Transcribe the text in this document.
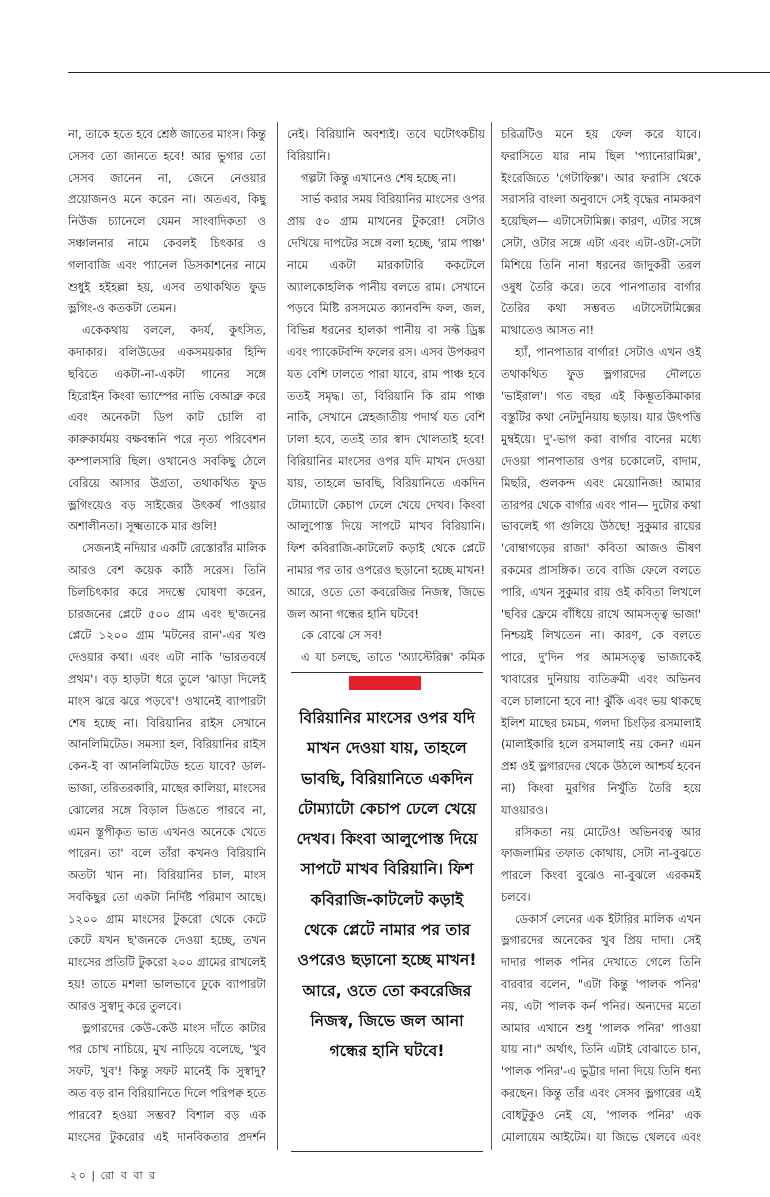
না, তাকে হতে হবে শ্রেষ্ঠ জাতের মাংস। কিন্তু সেসব তো জানতে হবে! আর ভুগার তো সেসব জানেন না, জেনে নেওয়ার প্রয়োজনও মনে করেন না। অতএব, কিছু নিউজ চ্যানেলে যেমন সাংবাদিকতা ও সঞ্চালনার নামে কেবলই চিৎকার ও গলাবাজি এবং প্যানেল ডিসকাশনের নামে শুধুই হইহল্লা হয়, এসব তথাকথিত ফুড ভ্লগিং-ও কতকটা তেমন।

একেকথায় বললে, কদর্য, কুৎসিত, কদাকার। বলিউডের একসময়কার হিন্দি ছবিতে একটা-না-একটা গানের সঙ্গে হিরোইন কিংবা ভ্যাম্পের নাভি বেআব্রু করে এবং অনেকটা ডিপ কাট চোলি বা কারুকার্যময় বক্ষবন্ধনি পরে নৃত্য পরিবেশন কম্পালসারি ছিল। ওখানেও সবকিছু ঠেলে বেরিয়ে আসার উগ্রতা, তথাকথিত ফুড ভ্লগিংয়েও বড় সাইজের উৎকর্ষ পাওয়ার অশালীনতা। সূক্ষ্মতাকে মার গুলি!

সেজন্যই নদিয়ার একটি রেস্তোরাঁর মালিক আরও বেশ কয়েক কাঠি সরেস। তিনি চিলচিৎকার করে সদম্ভে ঘোষণা করেন, চারজনের প্লেটে ৫০০ গ্রাম এবং ছ'জনের প্লেটে ১২০০ গ্রাম 'মটনের রান'-এর খণ্ড দেওয়ার কথা। এবং এটা নাকি 'ভারতবর্ষে প্রথম'। বড় হাড়টা ধরে তুলে 'ঝাড়া দিলেই মাংস ঝরে ঝরে পড়বে'! ওখানেই ব্যাপারটা শেষ হচ্ছে না। বিরিয়ানির রাইস সেখানে আনলিমিটেড। সমস্যা হল, বিরিয়ানির রাইস কেন-ই বা আনলিমিটেড হতে যাবে? ডাল-ভাজা, তরিতরকারি, মাছের কালিয়া, মাংসের ঝোলের সঙ্গে বিড়াল ডিঙতে পারবে না, এমন স্তূপীকৃত ভাত এখনও অনেকে খেতে পারেন। তা' বলে তাঁরা কখনও বিরিয়ানি অতটা খান না। বিরিয়ানির চাল, মাংস সবকিছুর তো একটা নির্দিষ্ট পরিমাণ আছে। ১২০০ গ্রাম মাংসের টুকরো থেকে কেটে কেটে যখন ছ'জনকে দেওয়া হচ্ছে, তখন মাংসের প্রতিটি টুকরো ২০০ গ্রামের রাখলেই হয়! তাতে মশলা ভালভাবে ঢুকে ব্যাপারটা আরও সুস্বাদু করে তুলবে।

ভ্লগারদের কেউ-কেউ মাংস দাঁতে কাটার পর চোখ নাচিয়ে, মুখ নাড়িয়ে বলেছে, 'খুব সফট, খুব'! কিন্তু সফট মানেই কি সুস্বাদু? অত বড় রান বিরিয়ানিতে দিলে পরিপক্ব হতে পারবে? হওয়া সম্ভব? বিশাল বড় এক মাংসের টুকরোর এই দানবিকতার প্রদর্শন

নেই। বিরিয়ানি অবশ্যই। তবে ঘটোৎকচীয় বিরিয়ানি।

গল্পটা কিন্তু এখানেও শেষ হচ্ছে না।

সার্ভ করার সময় বিরিয়ানির মাংসের ওপর প্রায় ৫০ গ্রাম মাখনের টুকরো! সেটাও দেখিয়ে দাপটের সঙ্গে বলা হচ্ছে, 'রাম পাঞ্চ' নামে একটা মারকাটারি ককটেলে অ্যালকোহলিক পানীয় বলতে রাম। সেখানে পড়বে মিষ্টি রসসমেত ক্যানবন্দি ফল, জল, বিভিন্ন ধরনের হালকা পানীয় বা সফ্ট ড্রিঙ্ক এবং প্যাকেটবন্দি ফলের রস। এসব উপকরণ যত বেশি ঢালতে পারা যাবে, রাম পাঞ্চ হবে ততই সমৃদ্ধ। তা, বিরিয়ানি কি রাম পাঞ্চ নাকি, সেখানে স্নেহজাতীয় পদার্থ যত বেশি ঢালা হবে, ততই তার স্বাদ খোলতাই হবে! বিরিয়ানির মাংসের ওপর যদি মাখন দেওয়া যায়, তাহলে ভাবছি, বিরিয়ানিতে একদিন টোম্যাটো কেচাপ ঢেলে খেয়ে দেখব। কিংবা আলুপোস্ত দিয়ে সাপটে মাখব বিরিয়ানি। ফিশ কবিরাজি-কাটলেট কড়াই থেকে প্লেটে নামার পর তার ওপরেও ছড়ানো হচ্ছে মাখন! আরে, ওতে তো কবরেজির নিজস্ব, জিভে জল আনা গন্ধের হানি ঘটবে!

কে বোঝে সে সব!

এ যা চলছে, তাতে 'অ্যাস্টেরিক্স' কমিক

বিরিয়ানির মাংসের ওপর যদি মাখন দেওয়া যায়, তাহলে ভাবছি, বিরিয়ানিতে একদিন টোম্যাটো কেচাপ ঢেলে খেয়ে দেখব। কিংবা আলুপোস্ত দিয়ে সাপটে মাখব বিরিয়ানি। ফিশ কবিরাজি-কাটলেট কড়াই থেকে প্লেটে নামার পর তার ওপরেও ছড়ানো হচ্ছে মাখন! আরে, ওতে তো কবরেজির নিজস্ব, জিভে জল আনা গন্ধের হানি ঘটবে!

চরিত্রটিও মনে হয় ফেল করে যাবে। ফরাসিতে যার নাম ছিল 'প্যানোরামিক্স', ইংরেজিতে 'গেটাফিক্স'। আর ফরাসি থেকে সরাসরি বাংলা অনুবাদে সেই বৃদ্ধের নামকরণ হয়েছিল— এটাসেটামিক্স। কারণ, এটার সঙ্গে সেটা, ওটার সঙ্গে এটা এবং এটা-ওটা-সেটা মিশিয়ে তিনি নানা ধরনের জাদুকরী তরল ওষুধ তৈরি করে। তবে পানপাতার বার্গার তৈরির কথা সম্ভবত এটাসেটামিক্সের মাথাতেও আসত না!

হ্যাঁ, পানপাতার বার্গার! সেটাও এখন ওই তথাকথিত ফুড ভ্লগারদের দৌলতে 'ভাইরাল'। গত বছর এই কিম্ভূতকিমাকার বস্তুটির কথা নেটদুনিয়ায় ছড়ায়। যার উৎপত্তি মুম্বইয়ে। দু'-ভাগ করা বার্গার বানের মধ্যে দেওয়া পানপাতার ওপর চকোলেট, বাদাম, মিছরি, গুলকন্দ এবং মেয়োনিজ! আমার তারপর থেকে বার্গার এবং পান— দুটোর কথা ভাবলেই গা গুলিয়ে উঠছে! সুকুমার রায়ের 'বোম্বাগড়ের রাজা' কবিতা আজও ভীষণ রকমের প্রাসঙ্গিক। তবে বাজি ফেলে বলতে পারি, এখন সুকুমার রায় ওই কবিতা লিখলে 'ছবির ফ্রেমে বাঁধিয়ে রাখে আমসত্ত্ব ভাজা' নিশ্চয়ই লিখতেন না। কারণ, কে বলতে পারে, দু'দিন পর আমসত্ত্ব ভাজাকেই খাবারের দুনিয়ায় ব্যতিক্রমী এবং অভিনব বলে চালানো হবে না! ঝুঁকি এবং ভয় থাকছে ইলিশ মাছের চমচম, গলদা চিংড়ির রসমালাই (মালাইকারি হলে রসমালাই নয় কেন? এমন প্রশ্ন ওই ভ্লগারদের থেকে উঠলে আশ্চর্য হবেন না) কিংবা মুরগির নিখুঁতি তৈরি হয়ে যাওয়ারও।

রসিকতা নয় মোটেও! অভিনবত্ব আর ফাজলামির তফাত কোথায়, সেটা না-বুঝতে পারলে কিংবা বুঝেও না-বুঝলে এরকমই চলবে।

ডেকার্স লেনের এক ইটারির মালিক এখন ভ্লগারদের অনেকের খুব প্রিয় দাদা। সেই দাদার পালক পনির দেখাতে গেলে তিনি বারবার বলেন, "এটা কিন্তু 'পালক পনির' নয়, এটা পালক কর্ন পনির। অন্যদের মতো আমার এখানে শুধু 'পালক পনির' পাওয়া যায় না।" অর্থাৎ, তিনি এটাই বোঝাতে চান, 'পালক পনির'-এ ভুট্টার দানা দিয়ে তিনি ধন্য করছেন। কিন্তু তাঁর এবং সেসব ভ্লগারের এই বোধটুকুও নেই যে, 'পালক পনির' এক মোলায়েম আইটেম। যা জিভে থেলবে এবং

২০ | রো ব বা র
